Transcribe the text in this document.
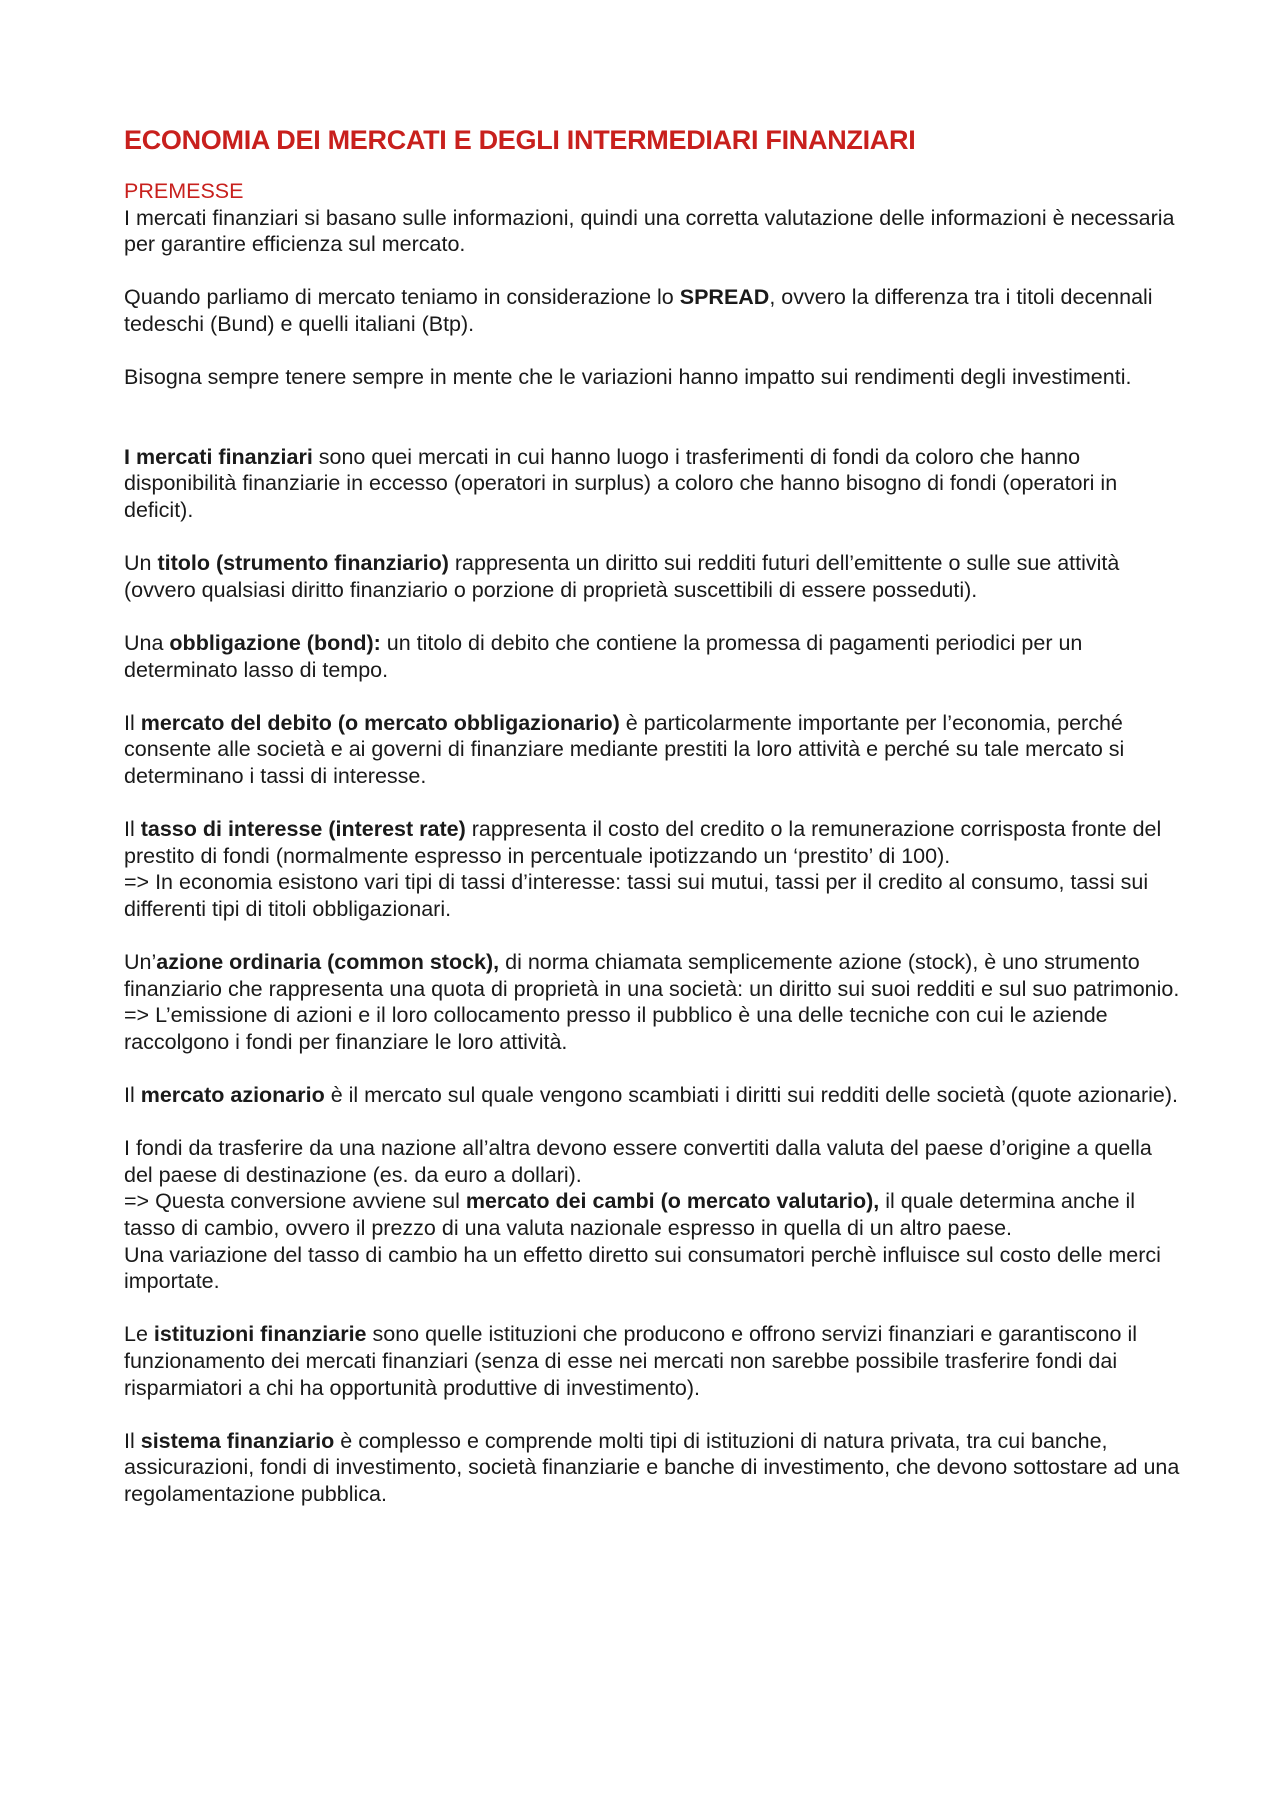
ECONOMIA DEI MERCATI E DEGLI INTERMEDIARI FINANZIARI
PREMESSE

I mercati finanziari si basano sulle informazioni, quindi una corretta valutazione delle informazioni è necessaria per garantire efficienza sul mercato.

Quando parliamo di mercato teniamo in considerazione lo SPREAD, ovvero la differenza tra i titoli decennali tedeschi (Bund) e quelli italiani (Btp).

Bisogna sempre tenere sempre in mente che le variazioni hanno impatto sui rendimenti degli investimenti.

I mercati finanziari sono quei mercati in cui hanno luogo i trasferimenti di fondi da coloro che hanno disponibilità finanziarie in eccesso (operatori in surplus) a coloro che hanno bisogno di fondi (operatori in deficit).

Un titolo (strumento finanziario) rappresenta un diritto sui redditi futuri dell’emittente o sulle sue attività (ovvero qualsiasi diritto finanziario o porzione di proprietà suscettibili di essere posseduti).

Una obbligazione (bond): un titolo di debito che contiene la promessa di pagamenti periodici per un determinato lasso di tempo.

Il mercato del debito (o mercato obbligazionario) è particolarmente importante per l’economia, perché consente alle società e ai governi di finanziare mediante prestiti la loro attività e perché su tale mercato si determinano i tassi di interesse.

Il tasso di interesse (interest rate) rappresenta il costo del credito o la remunerazione corrisposta fronte del prestito di fondi (normalmente espresso in percentuale ipotizzando un ‘prestito’ di 100).

=> In economia esistono vari tipi di tassi d’interesse: tassi sui mutui, tassi per il credito al consumo, tassi sui differenti tipi di titoli obbligazionari.

Un’azione ordinaria (common stock), di norma chiamata semplicemente azione (stock), è uno strumento finanziario che rappresenta una quota di proprietà in una società: un diritto sui suoi redditi e sul suo patrimonio.

=> L’emissione di azioni e il loro collocamento presso il pubblico è una delle tecniche con cui le aziende raccolgono i fondi per finanziare le loro attività.

Il mercato azionario è il mercato sul quale vengono scambiati i diritti sui redditi delle società (quote azionarie).

I fondi da trasferire da una nazione all’altra devono essere convertiti dalla valuta del paese d’origine a quella del paese di destinazione (es. da euro a dollari).

=> Questa conversione avviene sul mercato dei cambi (o mercato valutario), il quale determina anche il tasso di cambio, ovvero il prezzo di una valuta nazionale espresso in quella di un altro paese.

Una variazione del tasso di cambio ha un effetto diretto sui consumatori perchè influisce sul costo delle merci importate.

Le istituzioni finanziarie sono quelle istituzioni che producono e offrono servizi finanziari e garantiscono il funzionamento dei mercati finanziari (senza di esse nei mercati non sarebbe possibile trasferire fondi dai risparmiatori a chi ha opportunità produttive di investimento).

Il sistema finanziario è complesso e comprende molti tipi di istituzioni di natura privata, tra cui banche, assicurazioni, fondi di investimento, società finanziarie e banche di investimento, che devono sottostare ad una regolamentazione pubblica.
